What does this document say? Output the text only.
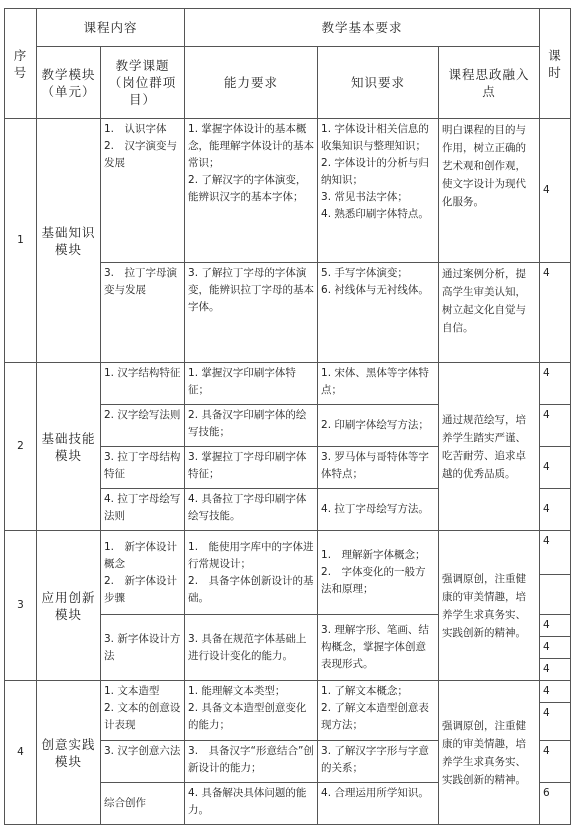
序号	课程内容		教学基本要求			课时
	教学模块（单元）	教学课题（岗位群项目）	能力要求	知识要求	课程思政融入点	
1	基础知识模块	1.　认识字体
2.　汉字演变与发展	1. 掌握字体设计的基本概念，能理解字体设计的基本常识；
2. 了解汉字的字体演变，能辨识汉字的基本字体；	1. 字体设计相关信息的收集知识与整理知识；
2. 字体设计的分析与归纳知识；
3. 常见书法字体；
4. 熟悉印刷字体特点。	明白课程的目的与作用，树立正确的艺术观和创作观，使文字设计为现代化服务。	4

		3.　拉丁字母演变与发展	3. 了解拉丁字母的字体演变，能辨识拉丁字母的基本字体。	5. 手写字体演变；
6. 衬线体与无衬线体。	通过案例分析，提高学生审美认知，树立起文化自觉与自信。	4
2	基础技能模块	1. 汉字结构特征	1. 掌握汉字印刷字体特征；	1. 宋体、黑体等字体特点；	通过规范绘写，培养学生踏实严谨、吃苦耐劳、追求卓越的优秀品质。	4
		2. 汉字绘写法则	2. 具备汉字印刷字体的绘写技能；	2. 印刷字体绘写方法；		4
		3. 拉丁字母结构特征	3. 掌握拉丁字母印刷字体特征；	3. 罗马体与哥特体等字体特点；		4
		4. 拉丁字母绘写法则	4. 具备拉丁字母印刷字体绘写技能。	4. 拉丁字母绘写方法。		4
3	应用创新模块	1.　新字体设计概念
2.　新字体设计步骤	1.　能使用字库中的字体进行常规设计；
2.　具备字体创新设计的基础。	1.　理解新字体概念；
2.　字体变化的一般方法和原理；	强调原创，注重健康的审美情趣，培养学生求真务实、实践创新的精神。	4

		3. 新字体设计方法	3. 具备在规范字体基础上进行设计变化的能力。	3. 理解字形、笔画、结构概念，掌握字体创意表现形式。		4
						4
						4
4	创意实践模块	1. 文本造型
2. 文本的创意设计表现	1. 能理解文本类型；
2. 具备文本造型创意变化的能力；	1. 了解文本概念；
2. 了解文本造型创意表现方法；	强调原创，注重健康的审美情趣，培养学生求真务实、实践创新的精神。	4
						4
		3. 汉字创意六法	3.　具备汉字“形意结合”创新设计的能力；	3. 了解汉字字形与字意的关系；		4
		综合创作	4. 具备解决具体问题的能力。	4. 合理运用所学知识。		6
